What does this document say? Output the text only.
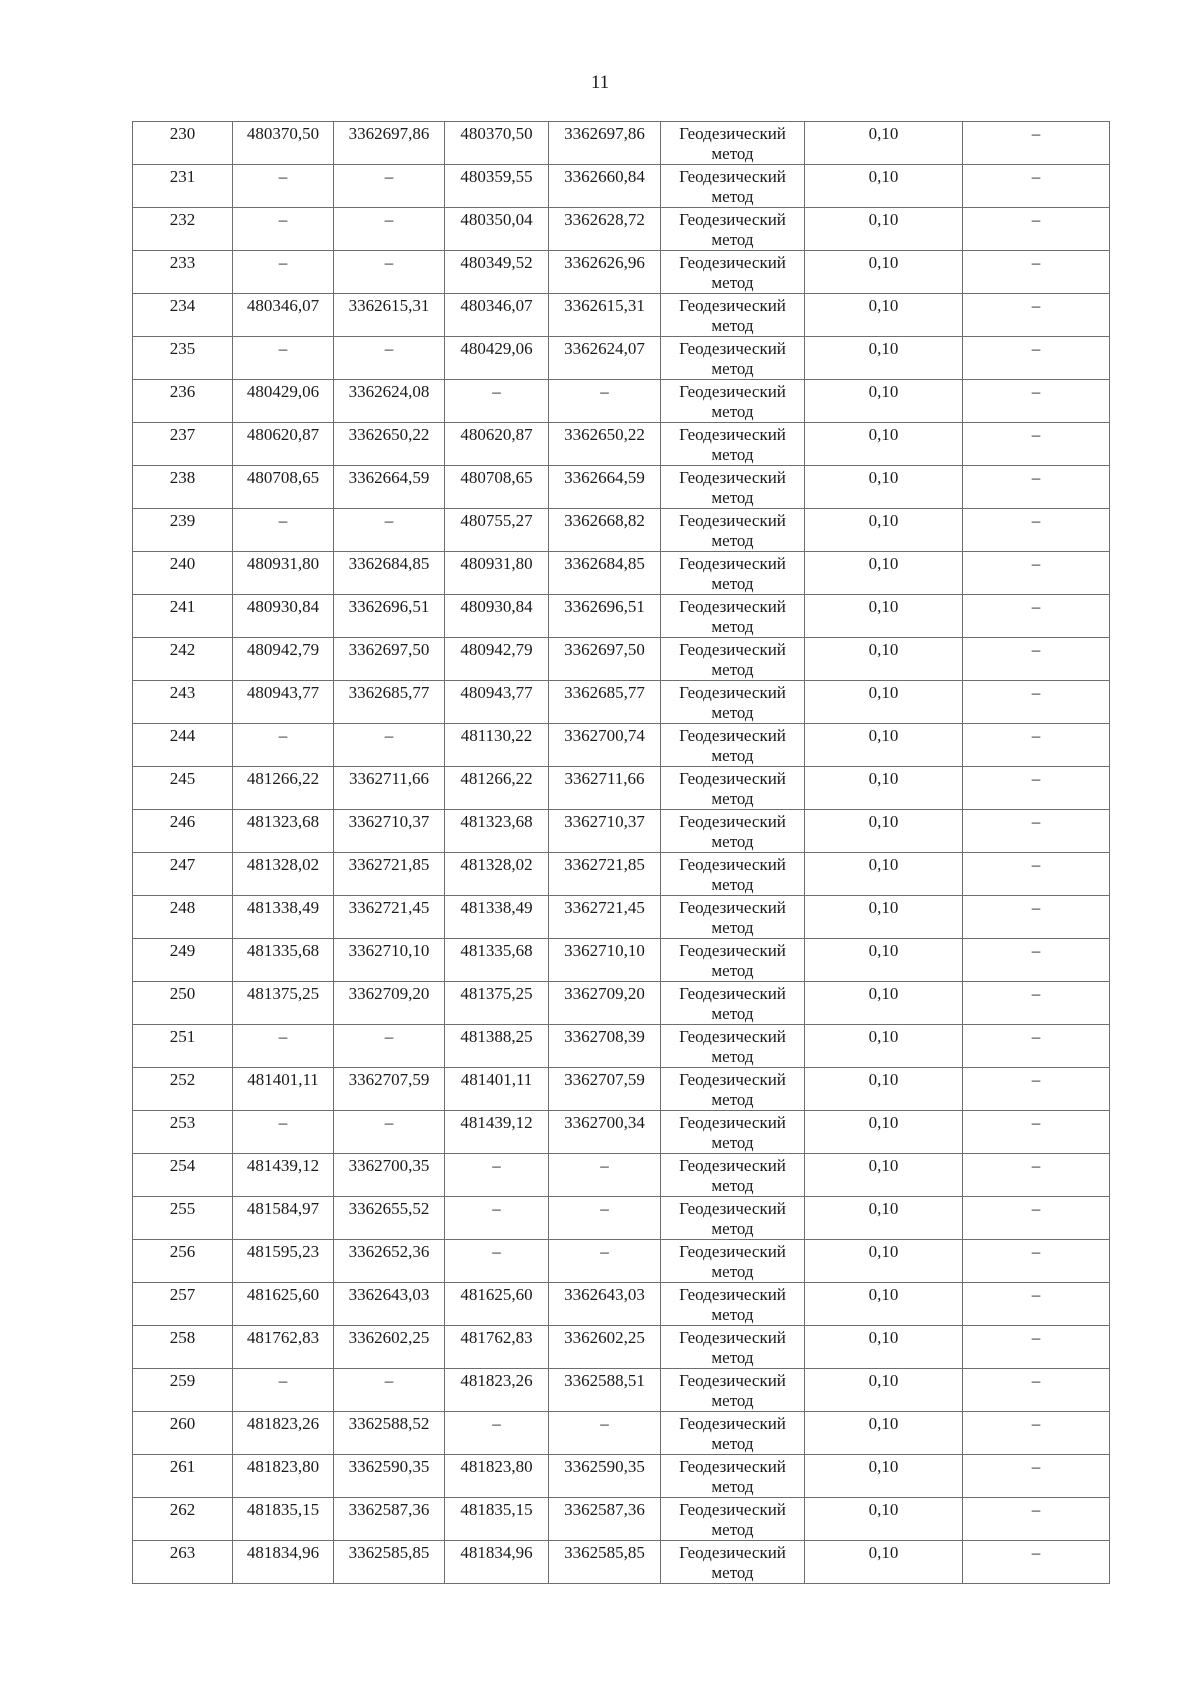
11
230	480370,50	3362697,86	480370,50	3362697,86	Геодезический
метод	0,10	–
231	–	–	480359,55	3362660,84	Геодезический
метод	0,10	–
232	–	–	480350,04	3362628,72	Геодезический
метод	0,10	–
233	–	–	480349,52	3362626,96	Геодезический
метод	0,10	–
234	480346,07	3362615,31	480346,07	3362615,31	Геодезический
метод	0,10	–
235	–	–	480429,06	3362624,07	Геодезический
метод	0,10	–
236	480429,06	3362624,08	–	–	Геодезический
метод	0,10	–
237	480620,87	3362650,22	480620,87	3362650,22	Геодезический
метод	0,10	–
238	480708,65	3362664,59	480708,65	3362664,59	Геодезический
метод	0,10	–
239	–	–	480755,27	3362668,82	Геодезический
метод	0,10	–
240	480931,80	3362684,85	480931,80	3362684,85	Геодезический
метод	0,10	–
241	480930,84	3362696,51	480930,84	3362696,51	Геодезический
метод	0,10	–
242	480942,79	3362697,50	480942,79	3362697,50	Геодезический
метод	0,10	–
243	480943,77	3362685,77	480943,77	3362685,77	Геодезический
метод	0,10	–
244	–	–	481130,22	3362700,74	Геодезический
метод	0,10	–
245	481266,22	3362711,66	481266,22	3362711,66	Геодезический
метод	0,10	–
246	481323,68	3362710,37	481323,68	3362710,37	Геодезический
метод	0,10	–
247	481328,02	3362721,85	481328,02	3362721,85	Геодезический
метод	0,10	–
248	481338,49	3362721,45	481338,49	3362721,45	Геодезический
метод	0,10	–
249	481335,68	3362710,10	481335,68	3362710,10	Геодезический
метод	0,10	–
250	481375,25	3362709,20	481375,25	3362709,20	Геодезический
метод	0,10	–
251	–	–	481388,25	3362708,39	Геодезический
метод	0,10	–
252	481401,11	3362707,59	481401,11	3362707,59	Геодезический
метод	0,10	–
253	–	–	481439,12	3362700,34	Геодезический
метод	0,10	–
254	481439,12	3362700,35	–	–	Геодезический
метод	0,10	–
255	481584,97	3362655,52	–	–	Геодезический
метод	0,10	–
256	481595,23	3362652,36	–	–	Геодезический
метод	0,10	–
257	481625,60	3362643,03	481625,60	3362643,03	Геодезический
метод	0,10	–
258	481762,83	3362602,25	481762,83	3362602,25	Геодезический
метод	0,10	–
259	–	–	481823,26	3362588,51	Геодезический
метод	0,10	–
260	481823,26	3362588,52	–	–	Геодезический
метод	0,10	–
261	481823,80	3362590,35	481823,80	3362590,35	Геодезический
метод	0,10	–
262	481835,15	3362587,36	481835,15	3362587,36	Геодезический
метод	0,10	–
263	481834,96	3362585,85	481834,96	3362585,85	Геодезический
метод	0,10	–
